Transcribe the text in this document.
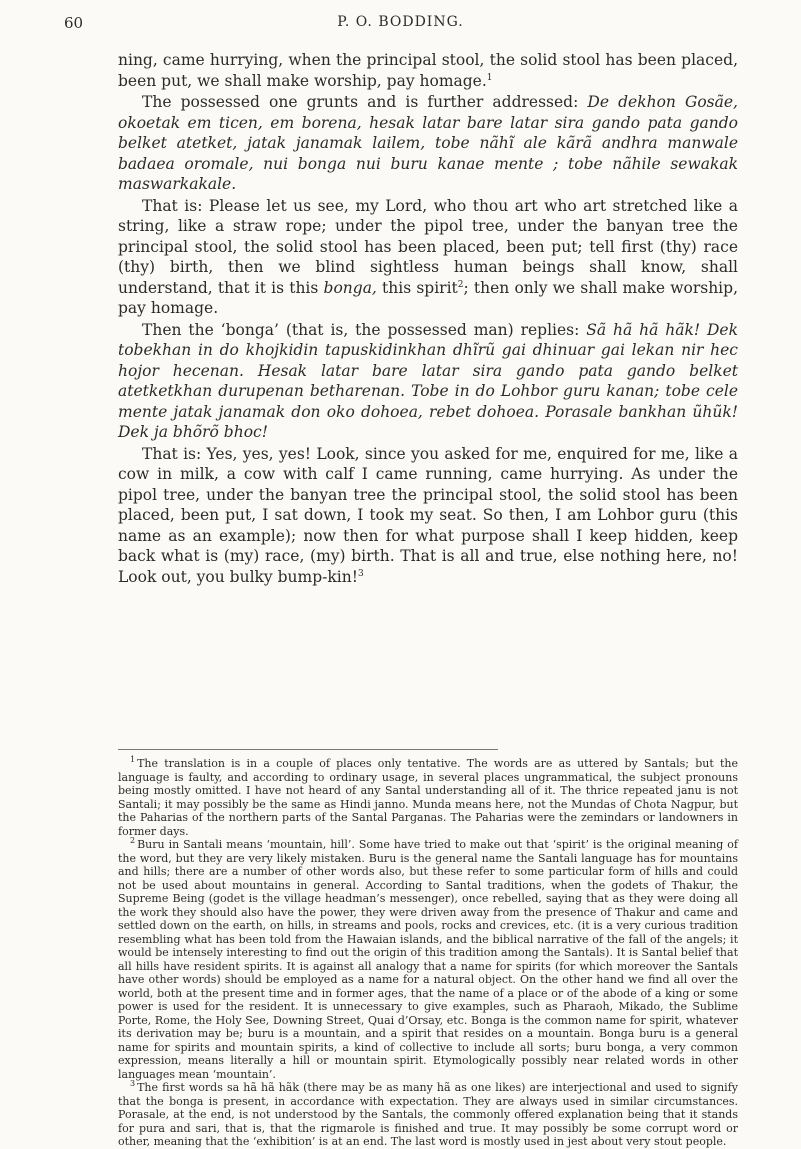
60	P. O. BODDING.

ning, came hurrying, when the principal stool, the solid stool has been placed, been put, we shall make worship, pay homage.$^1$

The possessed one grunts and is further addressed: De dekhon Gosãe, okoetak em ticen, em borena, hesak latar bare latar sira gando pata gando belket atetket, jatak janamak lailem, tobe nãhĩ ale kãrã andhra manwale badaea oromale, nui bonga nui buru kanae mente ; tobe nãhile sewakak maswarkakale.

That is: Please let us see, my Lord, who thou art who art stretched like a string, like a straw rope; under the pipol tree, under the banyan tree the principal stool, the solid stool has been placed, been put; tell first (thy) race (thy) birth, then we blind sightless human beings shall know, shall understand, that it is this bonga, this spirit$^2$; then only we shall make worship, pay homage.

Then the ‘bonga’ (that is, the possessed man) replies: Sã hã hã hãk! Dek tobekhan in do khojkidin tapuskidinkhan dhĩrũ gai dhinuar gai lekan nir hec hojor hecenan. Hesak latar bare latar sira gando pata gando belket atetketkhan durupenan betharenan. Tobe in do Lohbor guru kanan; tobe cele mente jatak janamak don oko dohoea, rebet dohoea. Porasale bankhan ũhũk! Dek ja bhõrõ bhoc!

That is: Yes, yes, yes! Look, since you asked for me, enquired for me, like a cow in milk, a cow with calf I came running, came hurrying. As under the pipol tree, under the banyan tree the principal stool, the solid stool has been placed, been put, I sat down, I took my seat. So then, I am Lohbor guru (this name as an example); now then for what purpose shall I keep hidden, keep back what is (my) race, (my) birth. That is all and true, else nothing here, no! Look out, you bulky bump-kin!$^3$

$^1$ The translation is in a couple of places only tentative. The words are as uttered by Santals; but the language is faulty, and according to ordinary usage, in several places ungrammatical, the subject pronouns being mostly omitted. I have not heard of any Santal understanding all of it. The thrice repeated janu is not Santali; it may possibly be the same as Hindi janno. Munda means here, not the Mundas of Chota Nagpur, but the Paharias of the northern parts of the Santal Parganas. The Paharias were the zemindars or landowners in former days.

$^2$ Buru in Santali means ‘mountain, hill’. Some have tried to make out that ‘spirit’ is the original meaning of the word, but they are very likely mistaken. Buru is the general name the Santali language has for mountains and hills; there are a number of other words also, but these refer to some particular form of hills and could not be used about mountains in general. According to Santal traditions, when the godets of Thakur, the Supreme Being (godet is the village headman’s messenger), once rebelled, saying that as they were doing all the work they should also have the power, they were driven away from the presence of Thakur and came and settled down on the earth, on hills, in streams and pools, rocks and crevices, etc. (it is a very curious tradition resembling what has been told from the Hawaian islands, and the biblical narrative of the fall of the angels; it would be intensely interesting to find out the origin of this tradition among the Santals). It is Santal belief that all hills have resident spirits. It is against all analogy that a name for spirits (for which moreover the Santals have other words) should be employed as a name for a natural object. On the other hand we find all over the world, both at the present time and in former ages, that the name of a place or of the abode of a king or some power is used for the resident. It is unnecessary to give examples, such as Pharaoh, Mikado, the Sublime Porte, Rome, the Holy See, Downing Street, Quai d’Orsay, etc. Bonga is the common name for spirit, whatever its derivation may be; buru is a mountain, and a spirit that resides on a mountain. Bonga buru is a general name for spirits and mountain spirits, a kind of collective to include all sorts; buru bonga, a very common expression, means literally a hill or mountain spirit. Etymologically possibly near related words in other languages mean ‘mountain’.

$^3$ The first words sa hã hã hãk (there may be as many hã as one likes) are interjectional and used to signify that the bonga is present, in accordance with expectation. They are always used in similar circumstances. Porasale, at the end, is not understood by the Santals, the commonly offered explanation being that it stands for pura and sari, that is, that the rigmarole is finished and true. It may possibly be some corrupt word or other, meaning that the ‘exhibition’ is at an end. The last word is mostly used in jest about very stout people.
